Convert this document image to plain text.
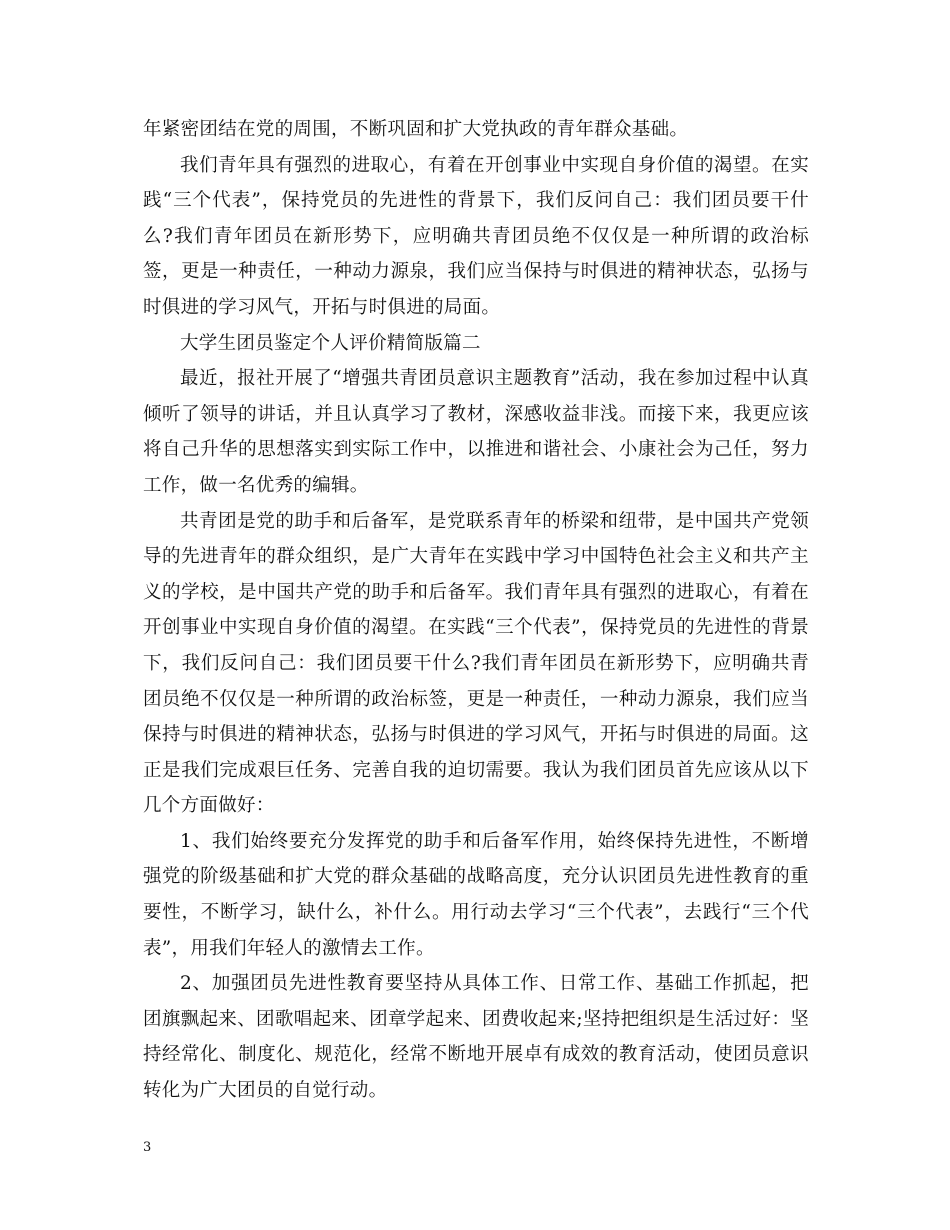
年紧密团结在党的周围，不断巩固和扩大党执政的青年群众基础。

我们青年具有强烈的进取心，有着在开创事业中实现自身价值的渴望。在实践“三个代表”，保持党员的先进性的背景下，我们反问自己：我们团员要干什么?我们青年团员在新形势下，应明确共青团员绝不仅仅是一种所谓的政治标签，更是一种责任，一种动力源泉，我们应当保持与时俱进的精神状态，弘扬与时俱进的学习风气，开拓与时俱进的局面。

大学生团员鉴定个人评价精简版篇二

最近，报社开展了“增强共青团员意识主题教育”活动，我在参加过程中认真倾听了领导的讲话，并且认真学习了教材，深感收益非浅。而接下来，我更应该将自己升华的思想落实到实际工作中，以推进和谐社会、小康社会为己任，努力工作，做一名优秀的编辑。

共青团是党的助手和后备军，是党联系青年的桥梁和纽带，是中国共产党领导的先进青年的群众组织，是广大青年在实践中学习中国特色社会主义和共产主义的学校，是中国共产党的助手和后备军。我们青年具有强烈的进取心，有着在开创事业中实现自身价值的渴望。在实践“三个代表”，保持党员的先进性的背景下，我们反问自己：我们团员要干什么?我们青年团员在新形势下，应明确共青团员绝不仅仅是一种所谓的政治标签，更是一种责任，一种动力源泉，我们应当保持与时俱进的精神状态，弘扬与时俱进的学习风气，开拓与时俱进的局面。这正是我们完成艰巨任务、完善自我的迫切需要。我认为我们团员首先应该从以下几个方面做好：

1、我们始终要充分发挥党的助手和后备军作用，始终保持先进性，不断增强党的阶级基础和扩大党的群众基础的战略高度，充分认识团员先进性教育的重要性，不断学习，缺什么，补什么。用行动去学习“三个代表”，去践行“三个代表”，用我们年轻人的激情去工作。

2、加强团员先进性教育要坚持从具体工作、日常工作、基础工作抓起，把团旗飘起来、团歌唱起来、团章学起来、团费收起来;坚持把组织是生活过好：坚持经常化、制度化、规范化，经常不断地开展卓有成效的教育活动，使团员意识转化为广大团员的自觉行动。

3
